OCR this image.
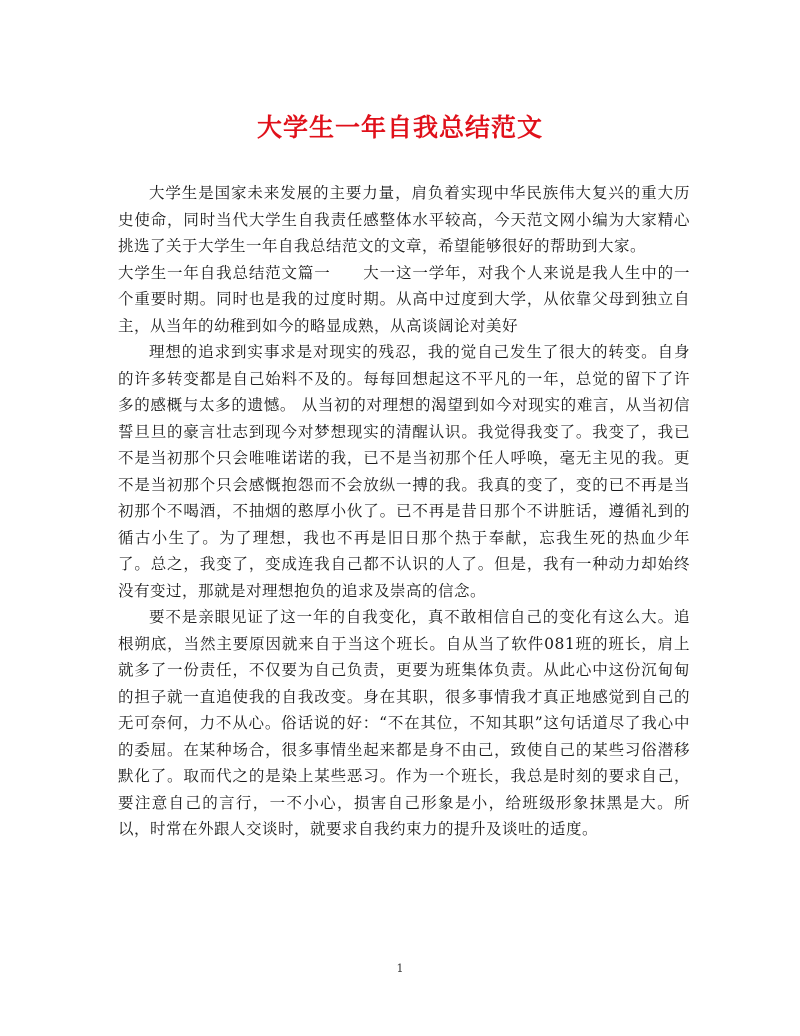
大学生一年自我总结范文

大学生是国家未来发展的主要力量，肩负着实现中华民族伟大复兴的重大历史使命，同时当代大学生自我责任感整体水平较高，今天范文网小编为大家精心挑选了关于大学生一年自我总结范文的文章，希望能够很好的帮助到大家。

大学生一年自我总结范文篇一　　大一这一学年，对我个人来说是我人生中的一个重要时期。同时也是我的过度时期。从高中过度到大学，从依靠父母到独立自主，从当年的幼稚到如今的略显成熟，从高谈阔论对美好

理想的追求到实事求是对现实的残忍，我的觉自己发生了很大的转变。自身的许多转变都是自己始料不及的。每每回想起这不平凡的一年，总觉的留下了许多的感概与太多的遗憾。 从当初的对理想的渴望到如今对现实的难言，从当初信誓旦旦的豪言壮志到现今对梦想现实的清醒认识。我觉得我变了。我变了，我已不是当初那个只会唯唯诺诺的我，已不是当初那个任人呼唤，毫无主见的我。更不是当初那个只会感慨抱怨而不会放纵一搏的我。我真的变了，变的已不再是当初那个不喝酒，不抽烟的憨厚小伙了。已不再是昔日那个不讲脏话，遵循礼到的循古小生了。为了理想，我也不再是旧日那个热于奉献，忘我生死的热血少年了。总之，我变了，变成连我自己都不认识的人了。但是，我有一种动力却始终没有变过，那就是对理想抱负的追求及崇高的信念。

要不是亲眼见证了这一年的自我变化，真不敢相信自己的变化有这么大。追根朔底，当然主要原因就来自于当这个班长。自从当了软件081班的班长，肩上就多了一份责任，不仅要为自己负责，更要为班集体负责。从此心中这份沉甸甸的担子就一直追使我的自我改变。身在其职，很多事情我才真正地感觉到自己的无可奈何，力不从心。俗话说的好：“不在其位，不知其职”这句话道尽了我心中的委屈。在某种场合，很多事情坐起来都是身不由己，致使自己的某些习俗潜移默化了。取而代之的是染上某些恶习。作为一个班长，我总是时刻的要求自己，要注意自己的言行，一不小心，损害自己形象是小，给班级形象抹黑是大。所以，时常在外跟人交谈时，就要求自我约束力的提升及谈吐的适度。

1
